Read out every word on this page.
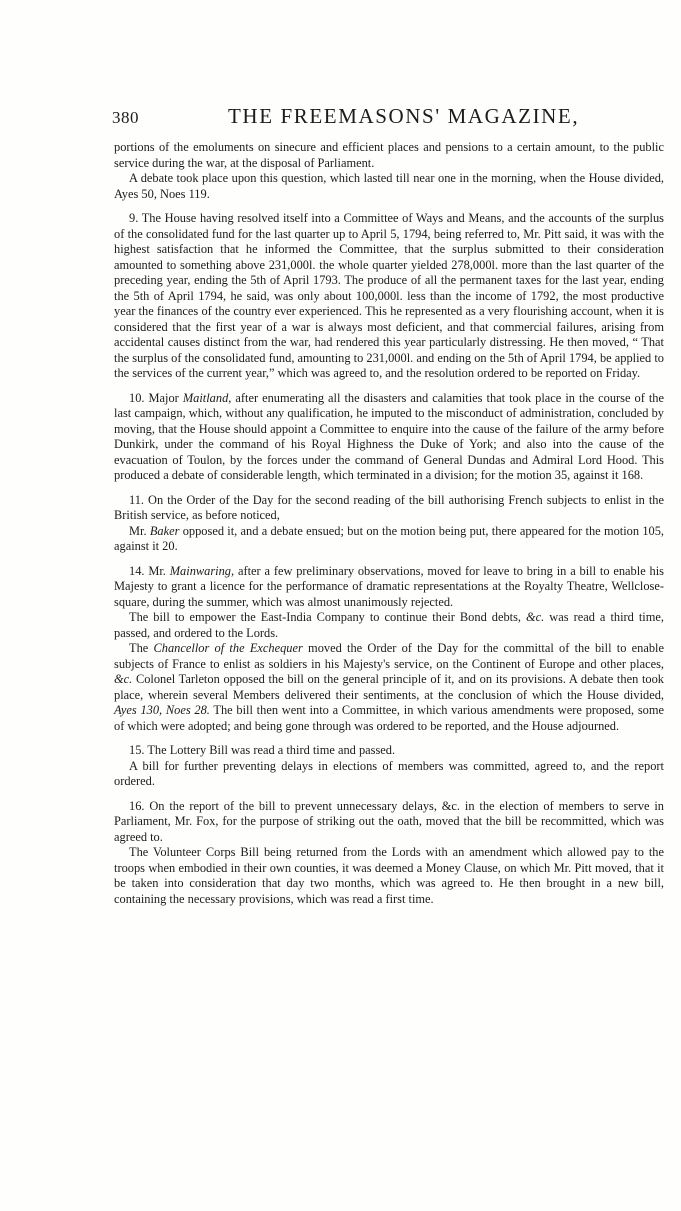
380	THE FREEMASONS' MAGAZINE,

portions of the emoluments on sinecure and efficient places and pensions to a certain amount, to the public service during the war, at the disposal of Parliament.

A debate took place upon this question, which lasted till near one in the morning, when the House divided, Ayes 50, Noes 119.

9. The House having resolved itself into a Committee of Ways and Means, and the accounts of the surplus of the consolidated fund for the last quarter up to April 5, 1794, being referred to, Mr. Pitt said, it was with the highest satisfaction that he informed the Committee, that the surplus submitted to their consideration amounted to something above 231,000l. the whole quarter yielded 278,000l. more than the last quarter of the preceding year, ending the 5th of April 1793. The produce of all the permanent taxes for the last year, ending the 5th of April 1794, he said, was only about 100,000l. less than the income of 1792, the most productive year the finances of the country ever experienced. This he represented as a very flourishing account, when it is considered that the first year of a war is always most deficient, and that commercial failures, arising from accidental causes distinct from the war, had rendered this year particularly distressing. He then moved, “ That the surplus of the consolidated fund, amounting to 231,000l. and ending on the 5th of April 1794, be applied to the services of the current year,” which was agreed to, and the resolution ordered to be reported on Friday.

10. Major Maitland, after enumerating all the disasters and calamities that took place in the course of the last campaign, which, without any qualification, he imputed to the misconduct of administration, concluded by moving, that the House should appoint a Committee to enquire into the cause of the failure of the army before Dunkirk, under the command of his Royal Highness the Duke of York; and also into the cause of the evacuation of Toulon, by the forces under the command of General Dundas and Admiral Lord Hood. This produced a debate of considerable length, which terminated in a division; for the motion 35, against it 168.

11. On the Order of the Day for the second reading of the bill authorising French subjects to enlist in the British service, as before noticed,

Mr. Baker opposed it, and a debate ensued; but on the motion being put, there appeared for the motion 105, against it 20.

14. Mr. Mainwaring, after a few preliminary observations, moved for leave to bring in a bill to enable his Majesty to grant a licence for the performance of dramatic representations at the Royalty Theatre, Wellclose-square, during the summer, which was almost unanimously rejected.

The bill to empower the East-India Company to continue their Bond debts, &c. was read a third time, passed, and ordered to the Lords.

The Chancellor of the Exchequer moved the Order of the Day for the committal of the bill to enable subjects of France to enlist as soldiers in his Majesty's service, on the Continent of Europe and other places, &c. Colonel Tarleton opposed the bill on the general principle of it, and on its provisions. A debate then took place, wherein several Members delivered their sentiments, at the conclusion of which the House divided, Ayes 130, Noes 28. The bill then went into a Committee, in which various amendments were proposed, some of which were adopted; and being gone through was ordered to be reported, and the House adjourned.

15. The Lottery Bill was read a third time and passed.

A bill for further preventing delays in elections of members was committed, agreed to, and the report ordered.

16. On the report of the bill to prevent unnecessary delays, &c. in the election of members to serve in Parliament, Mr. Fox, for the purpose of striking out the oath, moved that the bill be recommitted, which was agreed to.

The Volunteer Corps Bill being returned from the Lords with an amendment which allowed pay to the troops when embodied in their own counties, it was deemed a Money Clause, on which Mr. Pitt moved, that it be taken into consideration that day two months, which was agreed to. He then brought in a new bill, containing the necessary provisions, which was read a first time.
